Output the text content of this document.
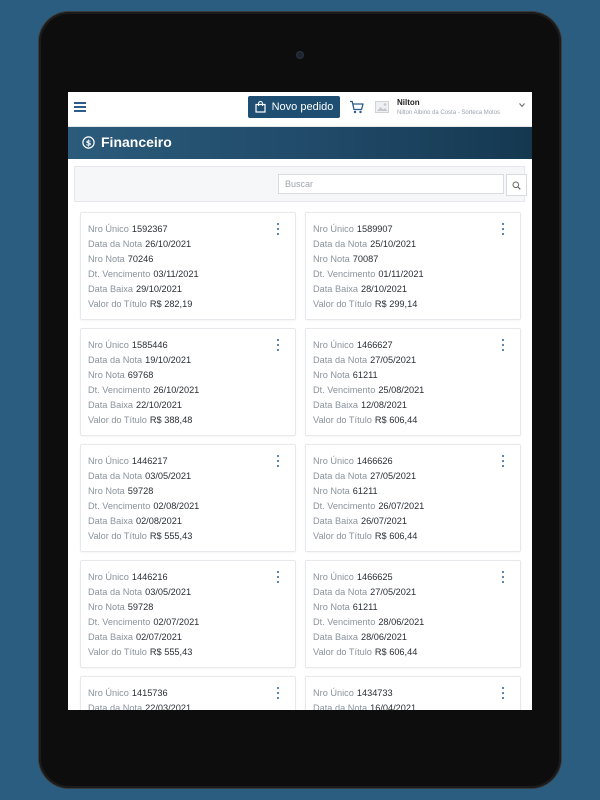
Novo pedido	Nilton
Nilton Albino da Costa - Sorteca Motos
$ Financeiro
Buscar
Nro Único 1592367
Data da Nota 26/10/2021
Nro Nota 70246
Dt. Vencimento 03/11/2021
Data Baixa 29/10/2021
Valor do Título R$ 282,19
Nro Único 1589907
Data da Nota 25/10/2021
Nro Nota 70087
Dt. Vencimento 01/11/2021
Data Baixa 28/10/2021
Valor do Título R$ 299,14
Nro Único 1585446
Data da Nota 19/10/2021
Nro Nota 69768
Dt. Vencimento 26/10/2021
Data Baixa 22/10/2021
Valor do Título R$ 388,48
Nro Único 1466627
Data da Nota 27/05/2021
Nro Nota 61211
Dt. Vencimento 25/08/2021
Data Baixa 12/08/2021
Valor do Título R$ 606,44
Nro Único 1446217
Data da Nota 03/05/2021
Nro Nota 59728
Dt. Vencimento 02/08/2021
Data Baixa 02/08/2021
Valor do Título R$ 555,43
Nro Único 1466626
Data da Nota 27/05/2021
Nro Nota 61211
Dt. Vencimento 26/07/2021
Data Baixa 26/07/2021
Valor do Título R$ 606,44
Nro Único 1446216
Data da Nota 03/05/2021
Nro Nota 59728
Dt. Vencimento 02/07/2021
Data Baixa 02/07/2021
Valor do Título R$ 555,43
Nro Único 1466625
Data da Nota 27/05/2021
Nro Nota 61211
Dt. Vencimento 28/06/2021
Data Baixa 28/06/2021
Valor do Título R$ 606,44
Nro Único 1415736
Data da Nota 22/03/2021
Nro Único 1434733
Data da Nota 16/04/2021
